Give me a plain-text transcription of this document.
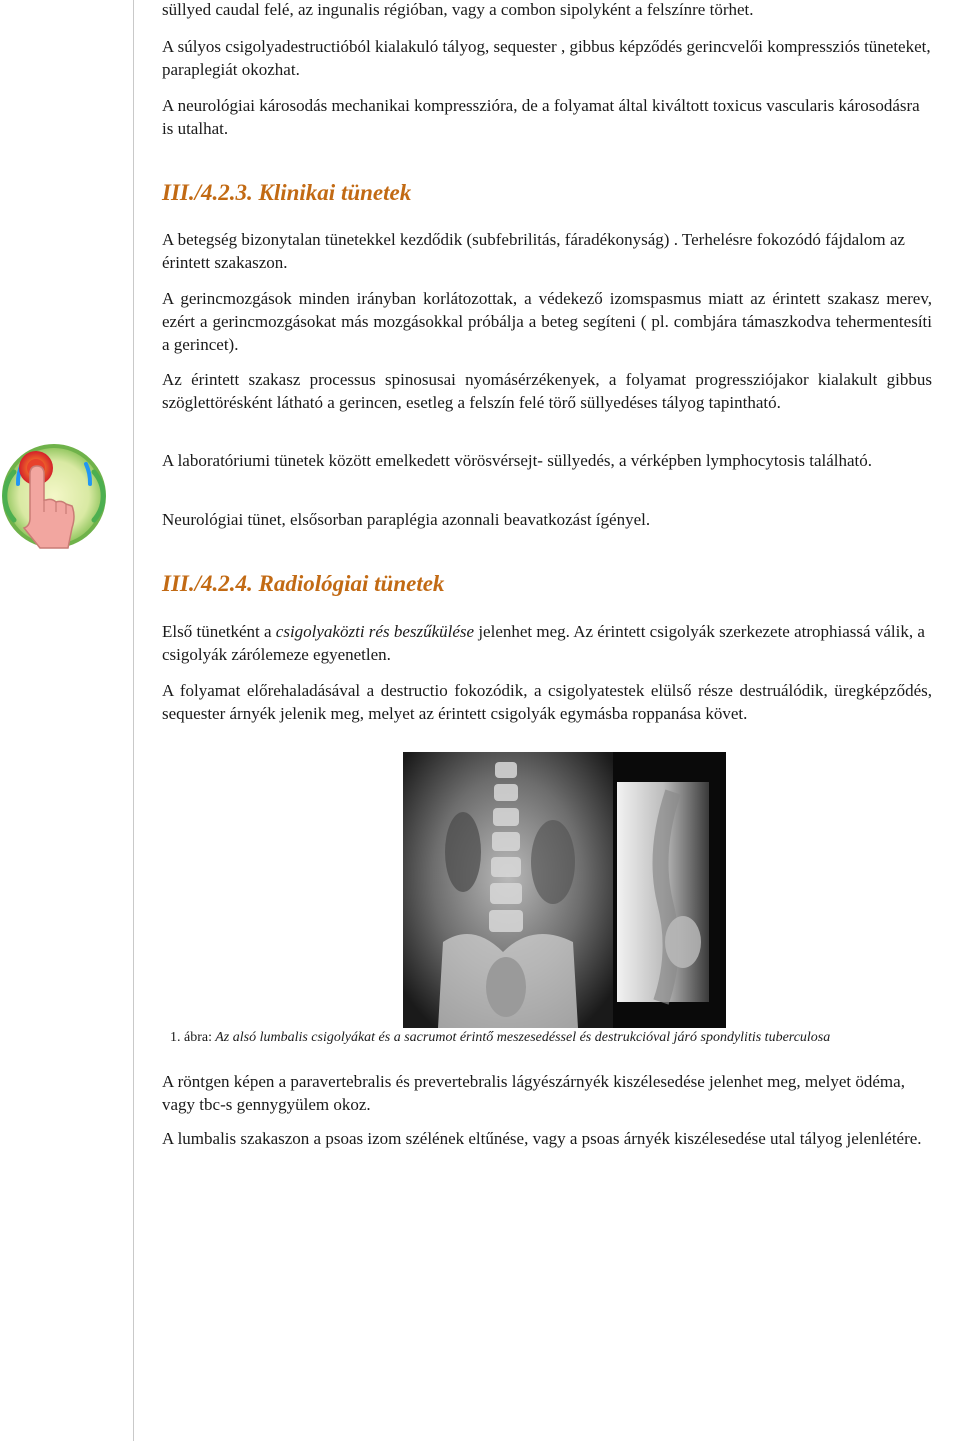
süllyed caudal felé, az ingunalis régióban, vagy a combon sipolyként a felszínre törhet.

A súlyos csigolyadestructióból kialakuló tályog, sequester , gibbus képződés gerincvelői kompressziós tüneteket, paraplegiát okozhat.

A neurológiai károsodás mechanikai kompresszióra, de a folyamat által kiváltott toxicus vascularis károsodásra is utalhat.

III./4.2.3. Klinikai tünetek

A betegség bizonytalan tünetekkel kezdődik (subfebrilitás, fáradékonyság) . Terhelésre fokozódó fájdalom az érintett szakaszon.

A gerincmozgások minden irányban korlátozottak, a védekező izomspasmus miatt az érintett szakasz merev, ezért a gerincmozgásokat más mozgásokkal próbálja a beteg segíteni ( pl. combjára támaszkodva tehermentesíti a gerincet).

Az érintett szakasz processus spinosusai nyomásérzékenyek, a folyamat progressziójakor kialakult gibbus szöglettörésként látható a gerincen, esetleg a felszín felé törő süllyedéses tályog tapintható.

A laboratóriumi tünetek között emelkedett vörösvérsejt- süllyedés, a vérképben lymphocytosis található.

Neurológiai tünet, elsősorban paraplégia azonnali beavatkozást ígényel.

III./4.2.4. Radiológiai tünetek

Első tünetként a csigolyaközti rés beszűkülése jelenhet meg. Az érintett csigolyák szerkezete atrophiassá válik, a csigolyák zárólemeze egyenetlen.

A folyamat előrehaladásával a destructio fokozódik, a csigolyatestek elülső része destruálódik, üregképződés, sequester árnyék jelenik meg, melyet az érintett csigolyák egymásba roppanása követ.

1. ábra: Az alsó lumbalis csigolyákat és a sacrumot érintő meszesedéssel és destrukcióval járó spondylitis tuberculosa

A röntgen képen a paravertebralis és prevertebralis lágyészárnyék kiszélesedése jelenhet meg, melyet ödéma, vagy tbc-s gennygyülem okoz.

A lumbalis szakaszon a psoas izom szélének eltűnése, vagy a psoas árnyék kiszélesedése utal tályog jelenlétére.
